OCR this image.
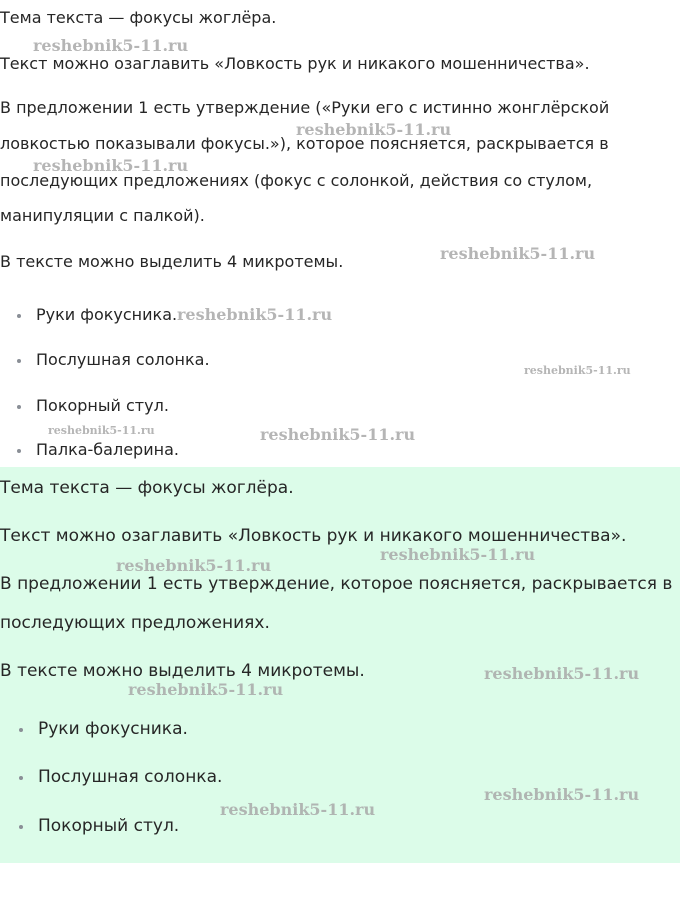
Тема текста — фокусы жоглёра.

Текст можно озаглавить «Ловкость рук и никакого мошенничества».

В предложении 1 есть утверждение («Руки его с истинно жонглёрской

ловкостью показывали фокусы.»), которое поясняется, раскрывается в

последующих предложениях (фокус с солонкой, действия со стулом,

манипуляции с палкой).

В тексте можно выделить 4 микротемы.

Руки фокусника.
Послушная солонка.
Покорный стул.
Палка-балерина.

Тема текста — фокусы жоглёра.

Текст можно озаглавить «Ловкость рук и никакого мошенничества».

В предложении 1 есть утверждение, которое поясняется, раскрывается в

последующих предложениях.

В тексте можно выделить 4 микротемы.

Руки фокусника.
Послушная солонка.
Покорный стул.
reshebnik5-11.ru
reshebnik5-11.ru
reshebnik5-11.ru
reshebnik5-11.ru
reshebnik5-11.ru
reshebnik5-11.ru
reshebnik5-11.ru	reshebnik5-11.ru
reshebnik5-11.ru
reshebnik5-11.ru
reshebnik5-11.ru
reshebnik5-11.ru
reshebnik5-11.ru
reshebnik5-11.ru
